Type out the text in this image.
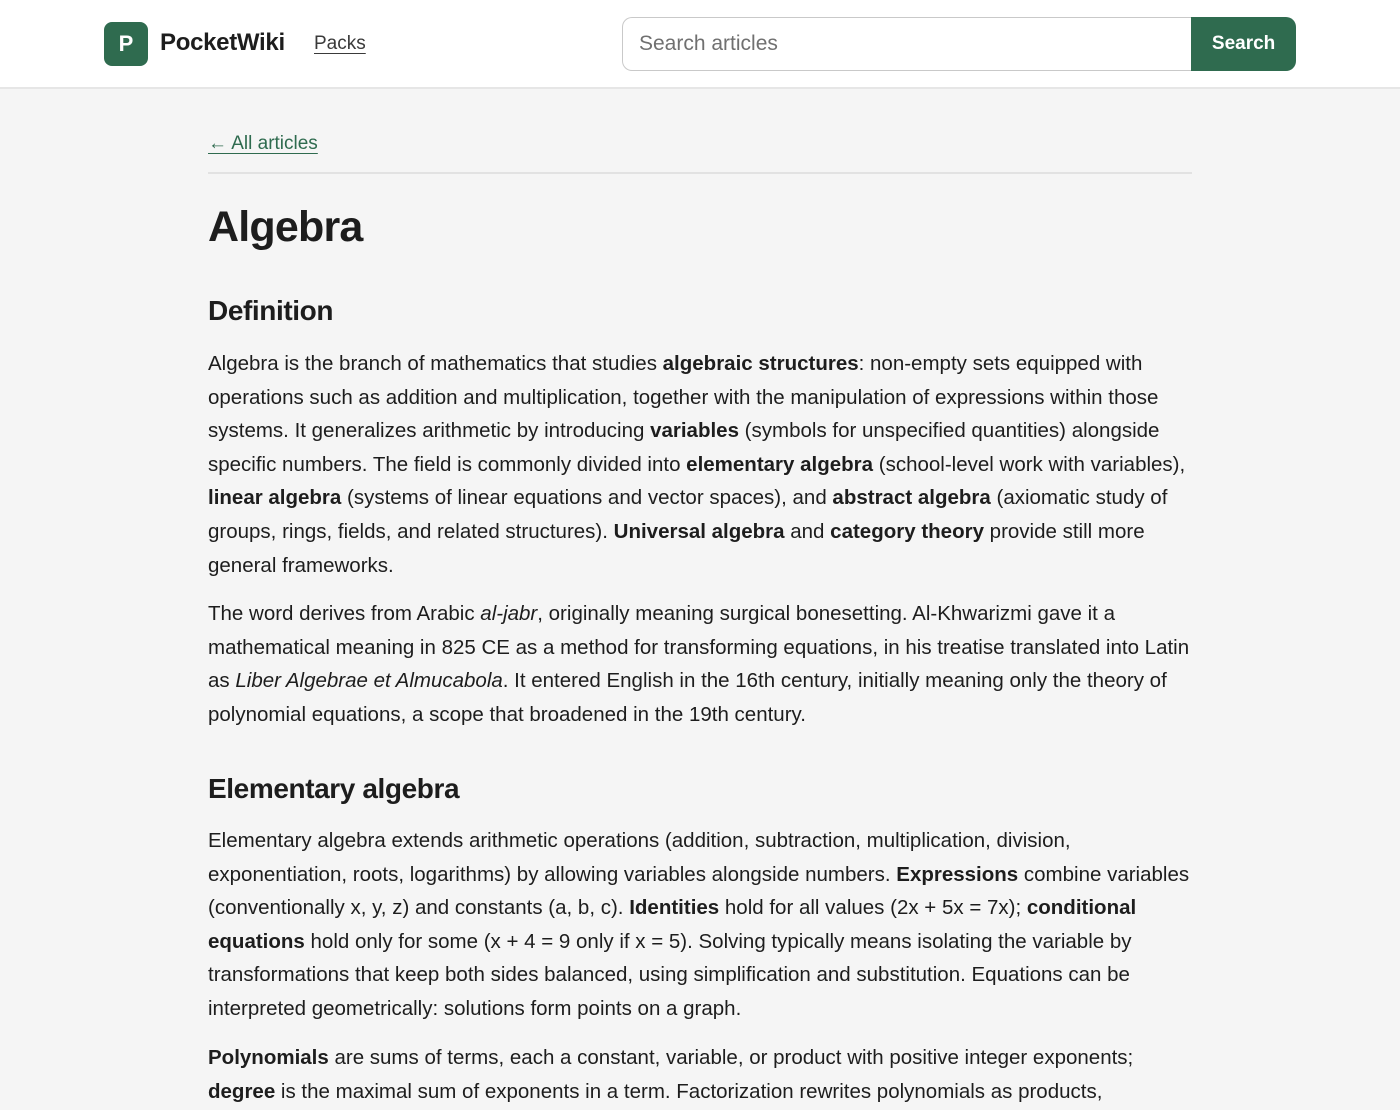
P	PocketWiki Packs
Search articles	Search
← All articles
Algebra
Definition

Algebra is the branch of mathematics that studies algebraic structures: non-empty sets equipped with operations such as addition and multiplication, together with the manipulation of expressions within those systems. It generalizes arithmetic by introducing variables (symbols for unspecified quantities) alongside specific numbers. The field is commonly divided into elementary algebra (school-level work with variables), linear algebra (systems of linear equations and vector spaces), and abstract algebra (axiomatic study of groups, rings, fields, and related structures). Universal algebra and category theory provide still more general frameworks.

The word derives from Arabic al-jabr, originally meaning surgical bonesetting. Al-Khwarizmi gave it a mathematical meaning in 825 CE as a method for transforming equations, in his treatise translated into Latin as Liber Algebrae et Almucabola. It entered English in the 16th century, initially meaning only the theory of polynomial equations, a scope that broadened in the 19th century.

Elementary algebra

Elementary algebra extends arithmetic operations (addition, subtraction, multiplication, division, exponentiation, roots, logarithms) by allowing variables alongside numbers. Expressions combine variables (conventionally x, y, z) and constants (a, b, c). Identities hold for all values (2x + 5x = 7x); conditional equations hold only for some (x + 4 = 9 only if x = 5). Solving typically means isolating the variable by transformations that keep both sides balanced, using simplification and substitution. Equations can be interpreted geometrically: solutions form points on a graph.

Polynomials are sums of terms, each a constant, variable, or product with positive integer exponents; degree is the maximal sum of exponents in a term. Factorization rewrites polynomials as products,
